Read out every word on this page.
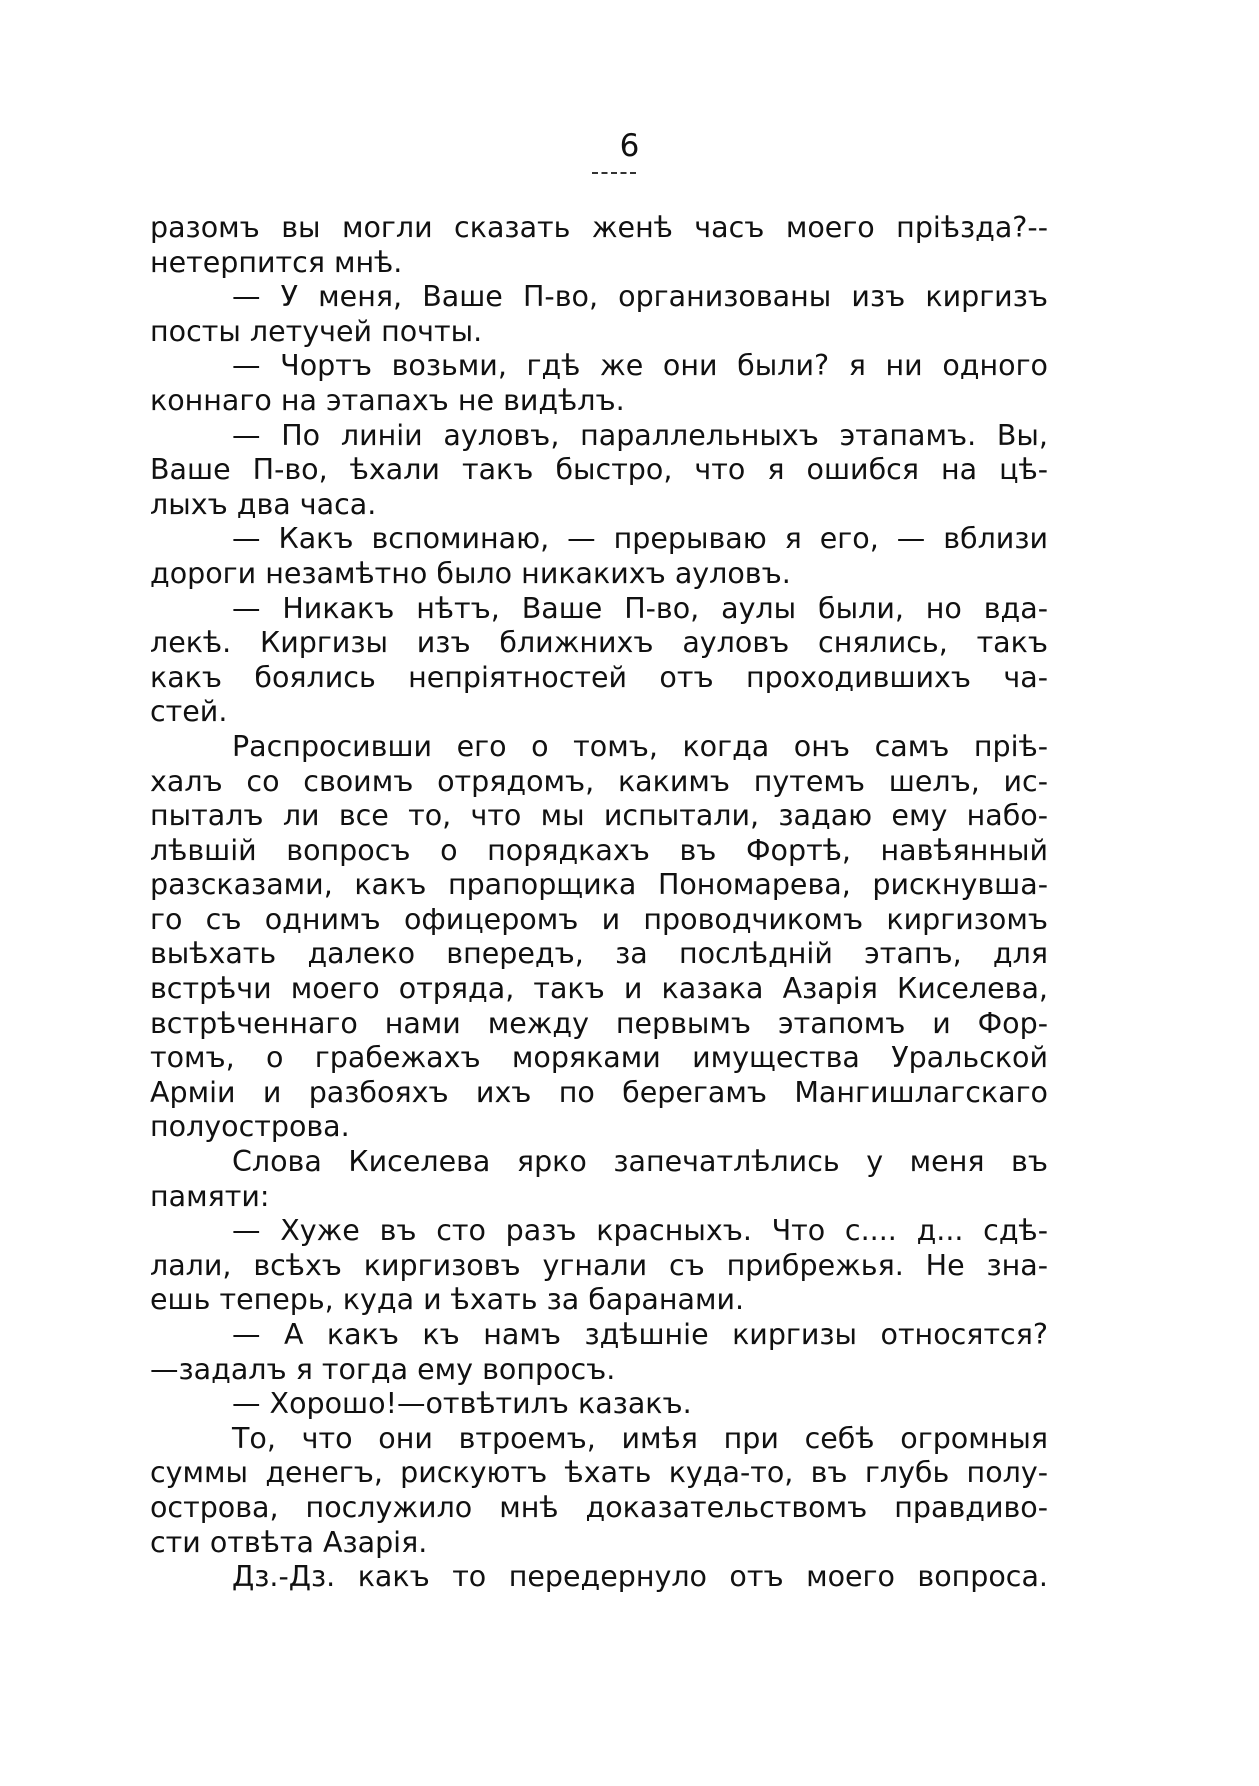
6
разомъ вы могли сказать женѣ часъ моего прiѣзда?--
нетерпится мнѣ.
— У меня, Ваше П-во, организованы изъ киргизъ
посты летучей почты.
— Чортъ возьми, гдѣ же они были? я ни одного
коннаго на этапахъ не видѣлъ.
— По линiи ауловъ, параллельныхъ этапамъ. Вы,
Ваше П-во, ѣхали такъ быстро, что я ошибся на цѣ-
лыхъ два часа.
— Какъ вспоминаю, — прерываю я его, — вблизи
дороги незамѣтно было никакихъ ауловъ.
— Никакъ нѣтъ, Ваше П-во, аулы были, но вда-
лекѣ. Киргизы изъ ближнихъ ауловъ снялись, такъ
какъ боялись непрiятностей отъ проходившихъ ча-
стей.
Распросивши его о томъ, когда онъ самъ прiѣ-
халъ со своимъ отрядомъ, какимъ путемъ шелъ, ис-
пыталъ ли все то, что мы испытали, задаю ему набо-
лѣвшiй вопросъ о порядкахъ въ Фортѣ, навѣянный
разсказами, какъ прапорщика Пономарева, рискнувша-
го съ однимъ офицеромъ и проводчикомъ киргизомъ
выѣхать далеко впередъ, за послѣднiй этапъ, для
встрѣчи моего отряда, такъ и казака Азарiя Киселева,
встрѣченнаго нами между первымъ этапомъ и Фор-
томъ, о грабежахъ моряками имущества Уральской
Армiи и разбояхъ ихъ по берегамъ Мангишлагскаго
полуострова.
Слова Киселева ярко запечатлѣлись у меня въ
памяти:
— Хуже въ сто разъ красныхъ. Что с.... д... сдѣ-
лали, всѣхъ киргизовъ угнали съ прибрежья. Не зна-
ешь теперь, куда и ѣхать за баранами.
— А какъ къ намъ здѣшнiе киргизы относятся?
—задалъ я тогда ему вопросъ.
— Хорошо!—отвѣтилъ казакъ.
То, что они втроемъ, имѣя при себѣ огромныя
суммы денегъ, рискуютъ ѣхать куда-то, въ глубь полу-
острова, послужило мнѣ доказательствомъ правдиво-
сти отвѣта Азарiя.
Дз.-Дз. какъ то передернуло отъ моего вопроса.
